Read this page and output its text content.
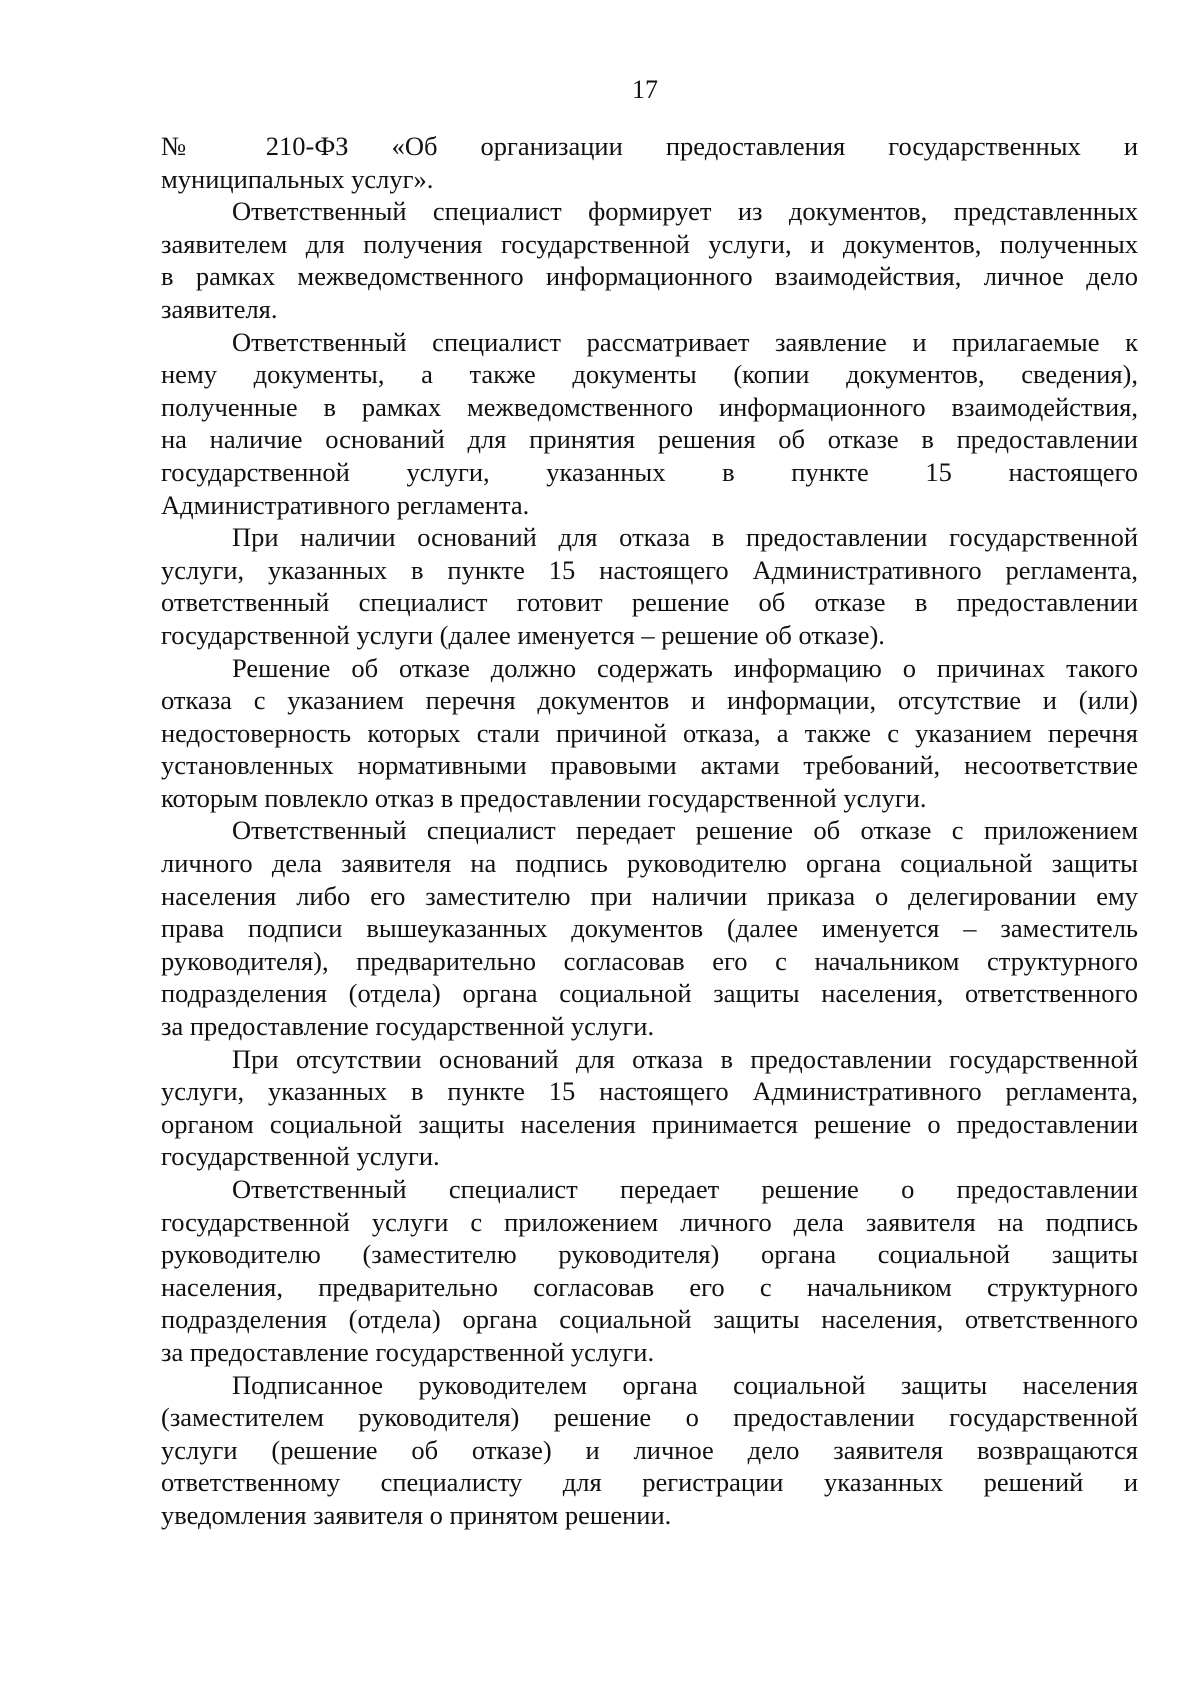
17

№ 210-ФЗ «Об организации предоставления государственных и
муниципальных услуг».

Ответственный специалист формирует из документов, представленных
заявителем для получения государственной услуги, и документов, полученных
в рамках межведомственного информационного взаимодействия, личное дело
заявителя.

Ответственный специалист рассматривает заявление и прилагаемые к
нему документы, а также документы (копии документов, сведения),
полученные в рамках межведомственного информационного взаимодействия,
на наличие оснований для принятия решения об отказе в предоставлении
государственной услуги, указанных в пункте 15 настоящего
Административного регламента.

При наличии оснований для отказа в предоставлении государственной
услуги, указанных в пункте 15 настоящего Административного регламента,
ответственный специалист готовит решение об отказе в предоставлении
государственной услуги (далее именуется – решение об отказе).

Решение об отказе должно содержать информацию о причинах такого
отказа с указанием перечня документов и информации, отсутствие и (или)
недостоверность которых стали причиной отказа, а также с указанием перечня
установленных нормативными правовыми актами требований, несоответствие
которым повлекло отказ в предоставлении государственной услуги.

Ответственный специалист передает решение об отказе с приложением
личного дела заявителя на подпись руководителю органа социальной защиты
населения либо его заместителю при наличии приказа о делегировании ему
права подписи вышеуказанных документов (далее именуется – заместитель
руководителя), предварительно согласовав его с начальником структурного
подразделения (отдела) органа социальной защиты населения, ответственного
за предоставление государственной услуги.

При отсутствии оснований для отказа в предоставлении государственной
услуги, указанных в пункте 15 настоящего Административного регламента,
органом социальной защиты населения принимается решение о предоставлении
государственной услуги.

Ответственный специалист передает решение о предоставлении
государственной услуги с приложением личного дела заявителя на подпись
руководителю (заместителю руководителя) органа социальной защиты
населения, предварительно согласовав его с начальником структурного
подразделения (отдела) органа социальной защиты населения, ответственного
за предоставление государственной услуги.

Подписанное руководителем органа социальной защиты населения
(заместителем руководителя) решение о предоставлении государственной
услуги (решение об отказе) и личное дело заявителя возвращаются
ответственному специалисту для регистрации указанных решений и
уведомления заявителя о принятом решении.
